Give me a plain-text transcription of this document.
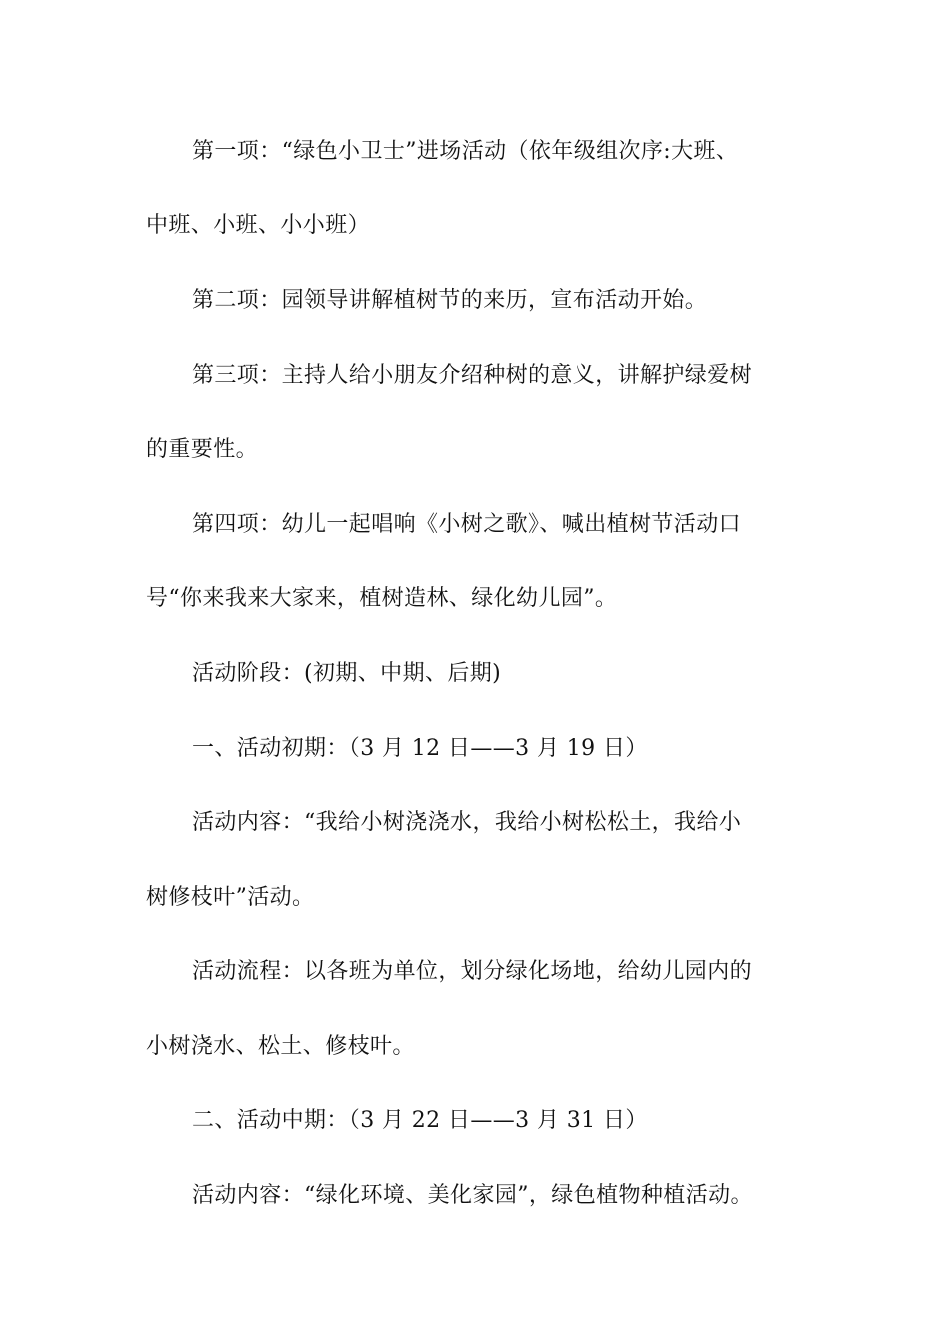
第一项：“绿色小卫士”进场活动（依年级组次序:大班、
中班、小班、小小班）
第二项：园领导讲解植树节的来历，宣布活动开始。
第三项：主持人给小朋友介绍种树的意义，讲解护绿爱树
的重要性。
第四项：幼儿一起唱响《小树之歌》、喊出植树节活动口
号“你来我来大家来，植树造林、绿化幼儿园”。
活动阶段：(初期、中期、后期)
一、活动初期：（3 月 12 日——3 月 19 日）
活动内容：“我给小树浇浇水，我给小树松松土，我给小
树修枝叶”活动。
活动流程：以各班为单位，划分绿化场地，给幼儿园内的
小树浇水、松土、修枝叶。
二、活动中期：（3 月 22 日——3 月 31 日）
活动内容：“绿化环境、美化家园”，绿色植物种植活动。
